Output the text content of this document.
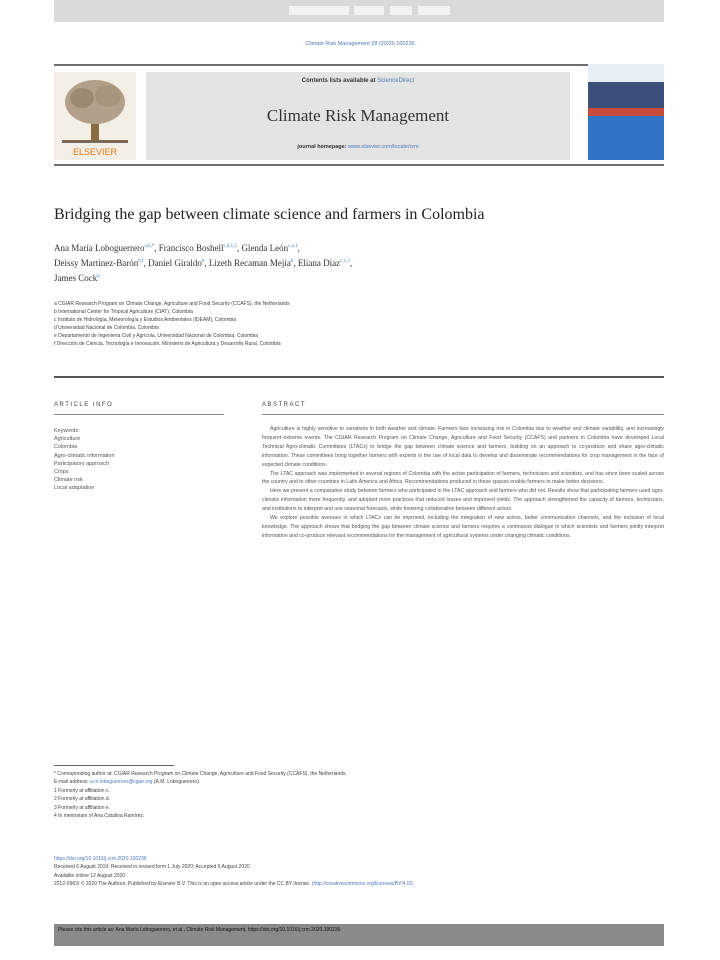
Climate Risk Management 28 (2020) 100236
ELSEVIER
Contents lists available at ScienceDirect
Climate Risk Management
journal homepage: www.elsevier.com/locate/crm
Bridging the gap between climate science and farmers in Colombia
Ana María Loboguerrero$^{a,b,*}$, Francisco Boshell$^{c,d,1,2}$, Glenda León$^{c,e,1}$,
Deissy Martínez-Barón$^{b,f}$, Daniel Giraldo$^b$, Lizeth Recaman Mejía$^b$, Eliana Díaz$^{c,1,3}$,
James Cock$^b$
a CGIAR Research Program on Climate Change, Agriculture and Food Security (CCAFS), the Netherlands
b International Center for Tropical Agriculture (CIAT), Colombia
c Instituto de Hidrología, Meteorología y Estudios Ambientales (IDEAM), Colombia
d Universidad Nacional de Colombia, Colombia
e Departamento de Ingeniería Civil y Agrícola, Universidad Nacional de Colombia, Colombia
f Dirección de Ciencia, Tecnología e Innovación, Ministerio de Agricultura y Desarrollo Rural, Colombia
ARTICLE INFO	ABSTRACT
Keywords:
Agriculture
Colombia
Agro-climatic information
Participatory approach
Crops
Climate risk
Local adaptation

Agriculture is highly sensitive to variations in both weather and climate. Farmers face increasing risk in Colombia due to weather and climate variability, and increasingly frequent extreme events. The CGIAR Research Program on Climate Change, Agriculture and Food Security (CCAFS) and partners in Colombia have developed Local Technical Agro-climatic Committees (LTACs) to bridge the gap between climate science and farmers, building on an approach to co-produce and share agro-climatic information. These committees bring together farmers with experts in the use of local data to develop and disseminate recommendations for crop management in the face of expected climate conditions.

The LTAC approach was implemented in several regions of Colombia with the active participation of farmers, technicians and scientists, and has since been scaled across the country and to other countries in Latin America and Africa. Recommendations produced in these spaces enable farmers to make better decisions.

Here we present a comparative study between farmers who participated in the LTAC approach and farmers who did not. Results show that participating farmers used agro-climatic information more frequently, and adopted more practices that reduced losses and improved yields. The approach strengthened the capacity of farmers, technicians, and institutions to interpret and use seasonal forecasts, while fostering collaboration between different actors.

We explore possible avenues in which LTACs can be improved, including the integration of new actors, better communication channels, and the inclusion of local knowledge. The approach shows that bridging the gap between climate science and farmers requires a continuous dialogue in which scientists and farmers jointly interpret information and co-produce relevant recommendations for the management of agricultural systems under changing climatic conditions.

* Corresponding author at: CGIAR Research Program on Climate Change, Agriculture and Food Security (CCAFS), the Netherlands.
E-mail address: a.m.loboguerrero@cgiar.org (A.M. Loboguerrero).
1 Formerly at affiliation c.
2 Formerly at affiliation d.
3 Formerly at affiliation e.
4 In memoriam of Ana Catalina Ramírez.
https://doi.org/10.1016/j.crm.2020.100236
Received 6 August 2019; Received in revised form 1 July 2020; Accepted 6 August 2020
Available online 12 August 2020
2212-0963/ © 2020 The Authors. Published by Elsevier B.V. This is an open access article under the CC BY license. (http://creativecommons.org/licenses/BY/4.0/).
Please cite this article as: Ana María Loboguerrero, et al., Climate Risk Management, https://doi.org/10.1016/j.crm.2020.100236
